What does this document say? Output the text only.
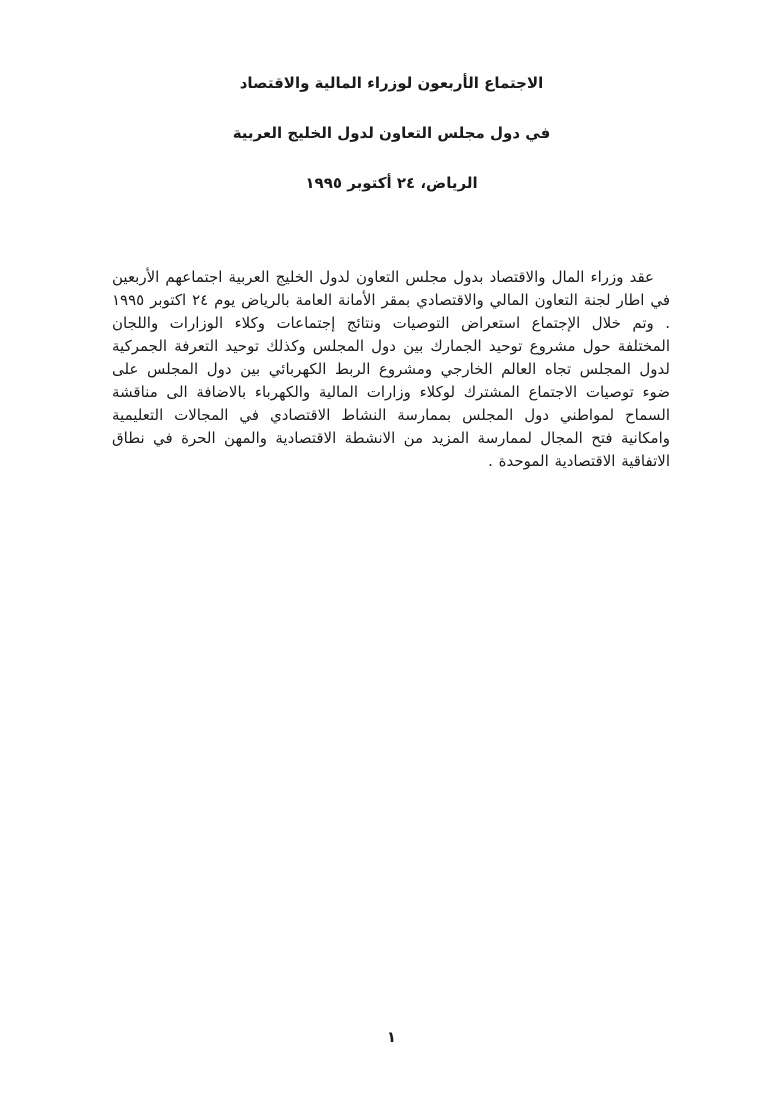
الاجتماع الأربعون لوزراء المالية والاقتصاد
في دول مجلس التعاون لدول الخليج العربية
الرياض، ٢٤ أكتوبر ١٩٩٥

عقد وزراء المال والاقتصاد بدول مجلس التعاون لدول الخليج العربية اجتماعهم الأربعين في اطار لجنة التعاون المالي والاقتصادي بمقر الأمانة العامة بالرياض يوم ٢٤ اكتوبر ١٩٩٥ . وتم خلال الإجتماع استعراض التوصيات ونتائج إجتماعات وكلاء الوزارات واللجان المختلفة حول مشروع توحيد الجمارك بين دول المجلس وكذلك توحيد التعرفة الجمركية لدول المجلس تجاه العالم الخارجي ومشروع الربط الكهربائي بين دول المجلس على ضوء توصيات الاجتماع المشترك لوكلاء وزارات المالية والكهرباء بالاضافة الى مناقشة السماح لمواطني دول المجلس بممارسة النشاط الاقتصادي في المجالات التعليمية وامكانية فتح المجال لممارسة المزيد من الانشطة الاقتصادية والمهن الحرة في نطاق الاتفاقية الاقتصادية الموحدة .

١
